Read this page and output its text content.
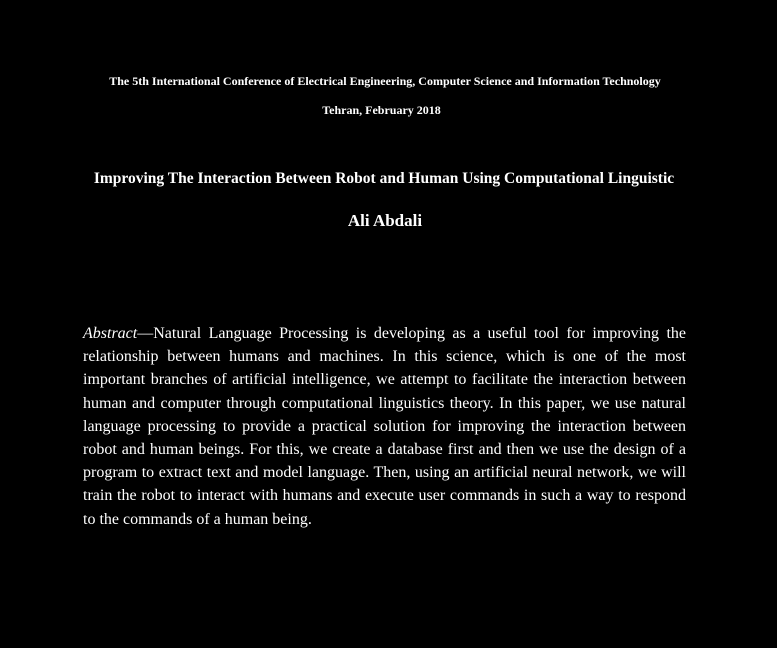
The 5th International Conference of Electrical Engineering, Computer Science and Information Technology
Tehran, February 2018
Improving The Interaction Between Robot and Human Using Computational Linguistic
Ali Abdali

Abstract—Natural Language Processing is developing as a useful tool for improving the relationship between humans and machines. In this science, which is one of the most important branches of artificial intelligence, we attempt to facilitate the interaction between human and computer through computational linguistics theory. In this paper, we use natural language processing to provide a practical solution for improving the interaction between robot and human beings. For this, we create a database first and then we use the design of a program to extract text and model language. Then, using an artificial neural network, we will train the robot to interact with humans and execute user commands in such a way to respond to the commands of a human being.
